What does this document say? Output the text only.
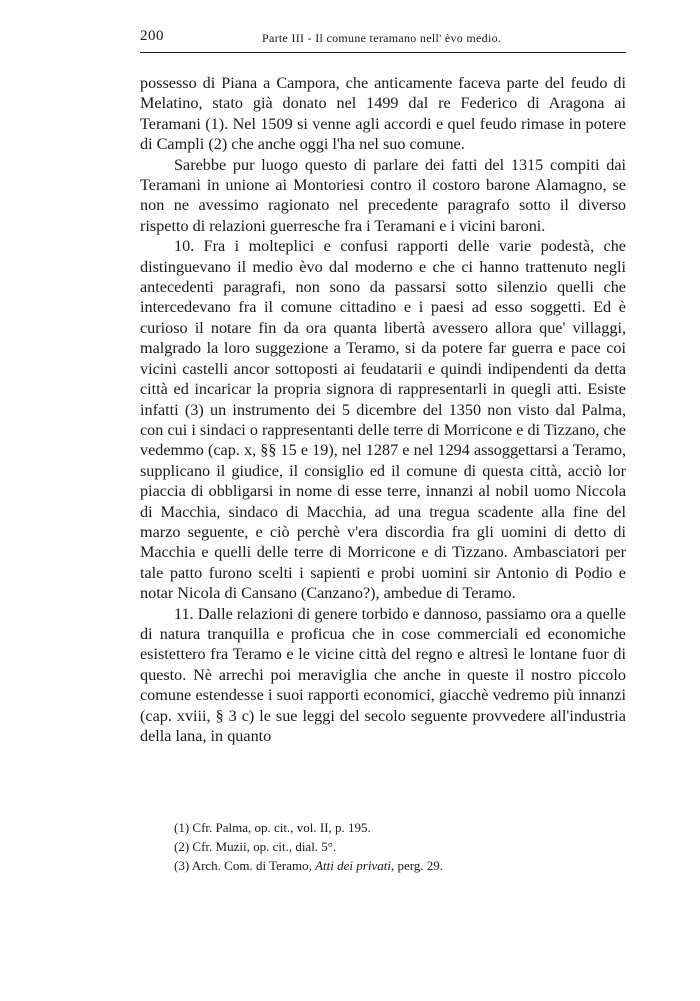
200	Parte III - Il comune teramano nell' èvo medio.

possesso di Piana a Campora, che anticamente faceva parte del feudo di Melatino, stato già donato nel 1499 dal re Federico di Aragona ai Teramani (1). Nel 1509 si venne agli accordi e quel feudo rimase in potere di Campli (2) che anche oggi l'ha nel suo comune.

Sarebbe pur luogo questo di parlare dei fatti del 1315 compiti dai Teramani in unione ai Montoriesi contro il costoro barone Alamagno, se non ne avessimo ragionato nel precedente paragrafo sotto il diverso rispetto di relazioni guerresche fra i Teramani e i vicini baroni.

10. Fra i molteplici e confusi rapporti delle varie podestà, che distinguevano il medio èvo dal moderno e che ci hanno trattenuto negli antecedenti paragrafi, non sono da passarsi sotto silenzio quelli che intercedevano fra il comune cittadino e i paesi ad esso soggetti. Ed è curioso il notare fin da ora quanta libertà avessero allora que' villaggi, malgrado la loro suggezione a Teramo, si da potere far guerra e pace coi vicini castelli ancor sottoposti ai feudatarii e quindi indipendenti da detta città ed incaricar la propria signora di rappresentarli in quegli atti. Esiste infatti (3) un instrumento dei 5 dicembre del 1350 non visto dal Palma, con cui i sindaci o rappresentanti delle terre di Morricone e di Tizzano, che vedemmo (cap. x, §§ 15 e 19), nel 1287 e nel 1294 assoggettarsi a Teramo, supplicano il giudice, il consiglio ed il comune di questa città, acciò lor piaccia di obbligarsi in nome di esse terre, innanzi al nobil uomo Niccola di Macchia, sindaco di Macchia, ad una tregua scadente alla fine del marzo seguente, e ciò perchè v'era discordia fra gli uomini di detto di Macchia e quelli delle terre di Morricone e di Tizzano. Ambasciatori per tale patto furono scelti i sapienti e probi uomini sir Antonio di Podio e notar Nicola di Cansano (Canzano?), ambedue di Teramo.

11. Dalle relazioni di genere torbido e dannoso, passiamo ora a quelle di natura tranquilla e proficua che in cose commerciali ed economiche esistettero fra Teramo e le vicine città del regno e altresì le lontane fuor di questo. Nè arrechi poi meraviglia che anche in queste il nostro piccolo comune estendesse i suoi rapporti economici, giacchè vedremo più innanzi (cap. xviii, § 3 c) le sue leggi del secolo seguente provvedere all'industria della lana, in quanto

(1) Cfr. Palma, op. cit., vol. II, p. 195.
(2) Cfr. Muzii, op. cit., dial. 5°.
(3) Arch. Com. di Teramo, Atti dei privati, perg. 29.
